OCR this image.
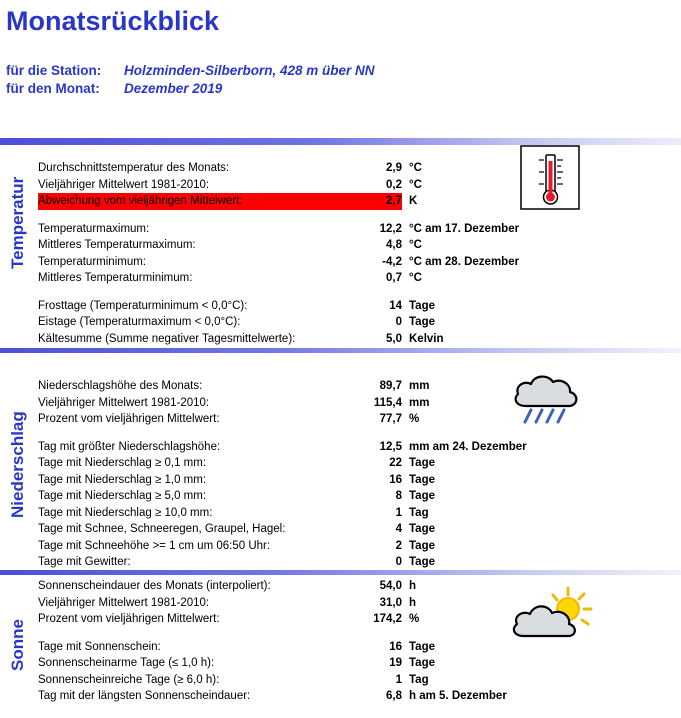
Monatsrückblick
für die Station:	Holzminden-Silberborn, 428 m über NN
für den Monat:	Dezember 2019
Temperatur
Niederschlag
Sonne
Durchschnittstemperatur des Monats:	2,9 °C
Vieljähriger Mittelwert 1981-2010:	0,2 °C
Abweichung vom vieljährigen Mittelwert:	2,7 K
Temperaturmaximum:	12,2 °C am 17. Dezember
Mittleres Temperaturmaximum:	4,8 °C
Temperaturminimum:	-4,2 °C am 28. Dezember
Mittleres Temperaturminimum:	0,7 °C
Frosttage (Temperaturminimum < 0,0°C):	14 Tage
Eistage (Temperaturmaximum < 0,0°C):	0 Tage
Kältesumme (Summe negativer Tagesmittelwerte):	5,0 Kelvin
Niederschlagshöhe des Monats:	89,7 mm
Vieljähriger Mittelwert 1981-2010:	115,4 mm
Prozent vom vieljährigen Mittelwert:	77,7 %
Tag mit größter Niederschlagshöhe:	12,5 mm am 24. Dezember
Tage mit Niederschlag ≥ 0,1 mm:	22 Tage
Tage mit Niederschlag ≥ 1,0 mm:	16 Tage
Tage mit Niederschlag ≥ 5,0 mm:	8 Tage
Tage mit Niederschlag ≥ 10,0 mm:	1 Tag
Tage mit Schnee, Schneeregen, Graupel, Hagel:	4 Tage
Tage mit Schneehöhe >= 1 cm um 06:50 Uhr:	2 Tage
Tage mit Gewitter:	0 Tage
Sonnenscheindauer des Monats (interpoliert):	54,0 h
Vieljähriger Mittelwert 1981-2010:	31,0 h
Prozent vom vieljährigen Mittelwert:	174,2 %
Tage mit Sonnenschein:	16 Tage
Sonnenscheinarme Tage (≤ 1,0 h):	19 Tage
Sonnenscheinreiche Tage (≥ 6,0 h):	1 Tag
Tag mit der längsten Sonnenscheindauer:	6,8 h am 5. Dezember
